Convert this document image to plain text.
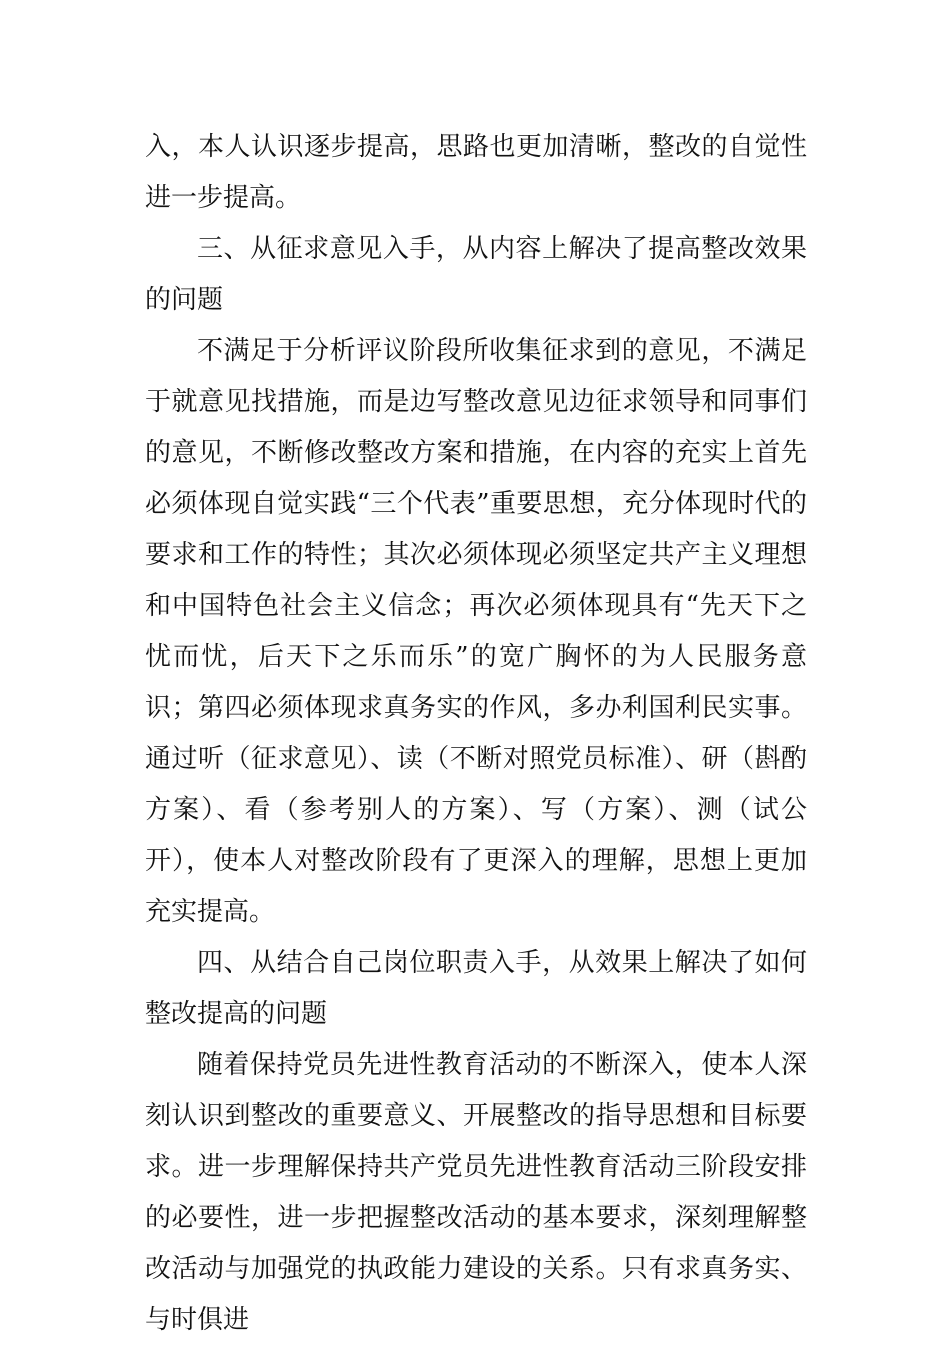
入，本人认识逐步提高，思路也更加清晰，整改的自觉性进一步提高。

三、从征求意见入手，从内容上解决了提高整改效果的问题

不满足于分析评议阶段所收集征求到的意见，不满足于就意见找措施，而是边写整改意见边征求领导和同事们的意见，不断修改整改方案和措施，在内容的充实上首先必须体现自觉实践“三个代表”重要思想，充分体现时代的要求和工作的特性；其次必须体现必须坚定共产主义理想和中国特色社会主义信念；再次必须体现具有“先天下之忧而忧，后天下之乐而乐”的宽广胸怀的为人民服务意识；第四必须体现求真务实的作风，多办利国利民实事。通过听（征求意见）、读（不断对照党员标准）、研（斟酌方案）、看（参考别人的方案）、写（方案）、测（试公开），使本人对整改阶段有了更深入的理解，思想上更加充实提高。

四、从结合自己岗位职责入手，从效果上解决了如何整改提高的问题

随着保持党员先进性教育活动的不断深入，使本人深刻认识到整改的重要意义、开展整改的指导思想和目标要求。进一步理解保持共产党员先进性教育活动三阶段安排的必要性，进一步把握整改活动的基本要求，深刻理解整改活动与加强党的执政能力建设的关系。只有求真务实、与时俱进
